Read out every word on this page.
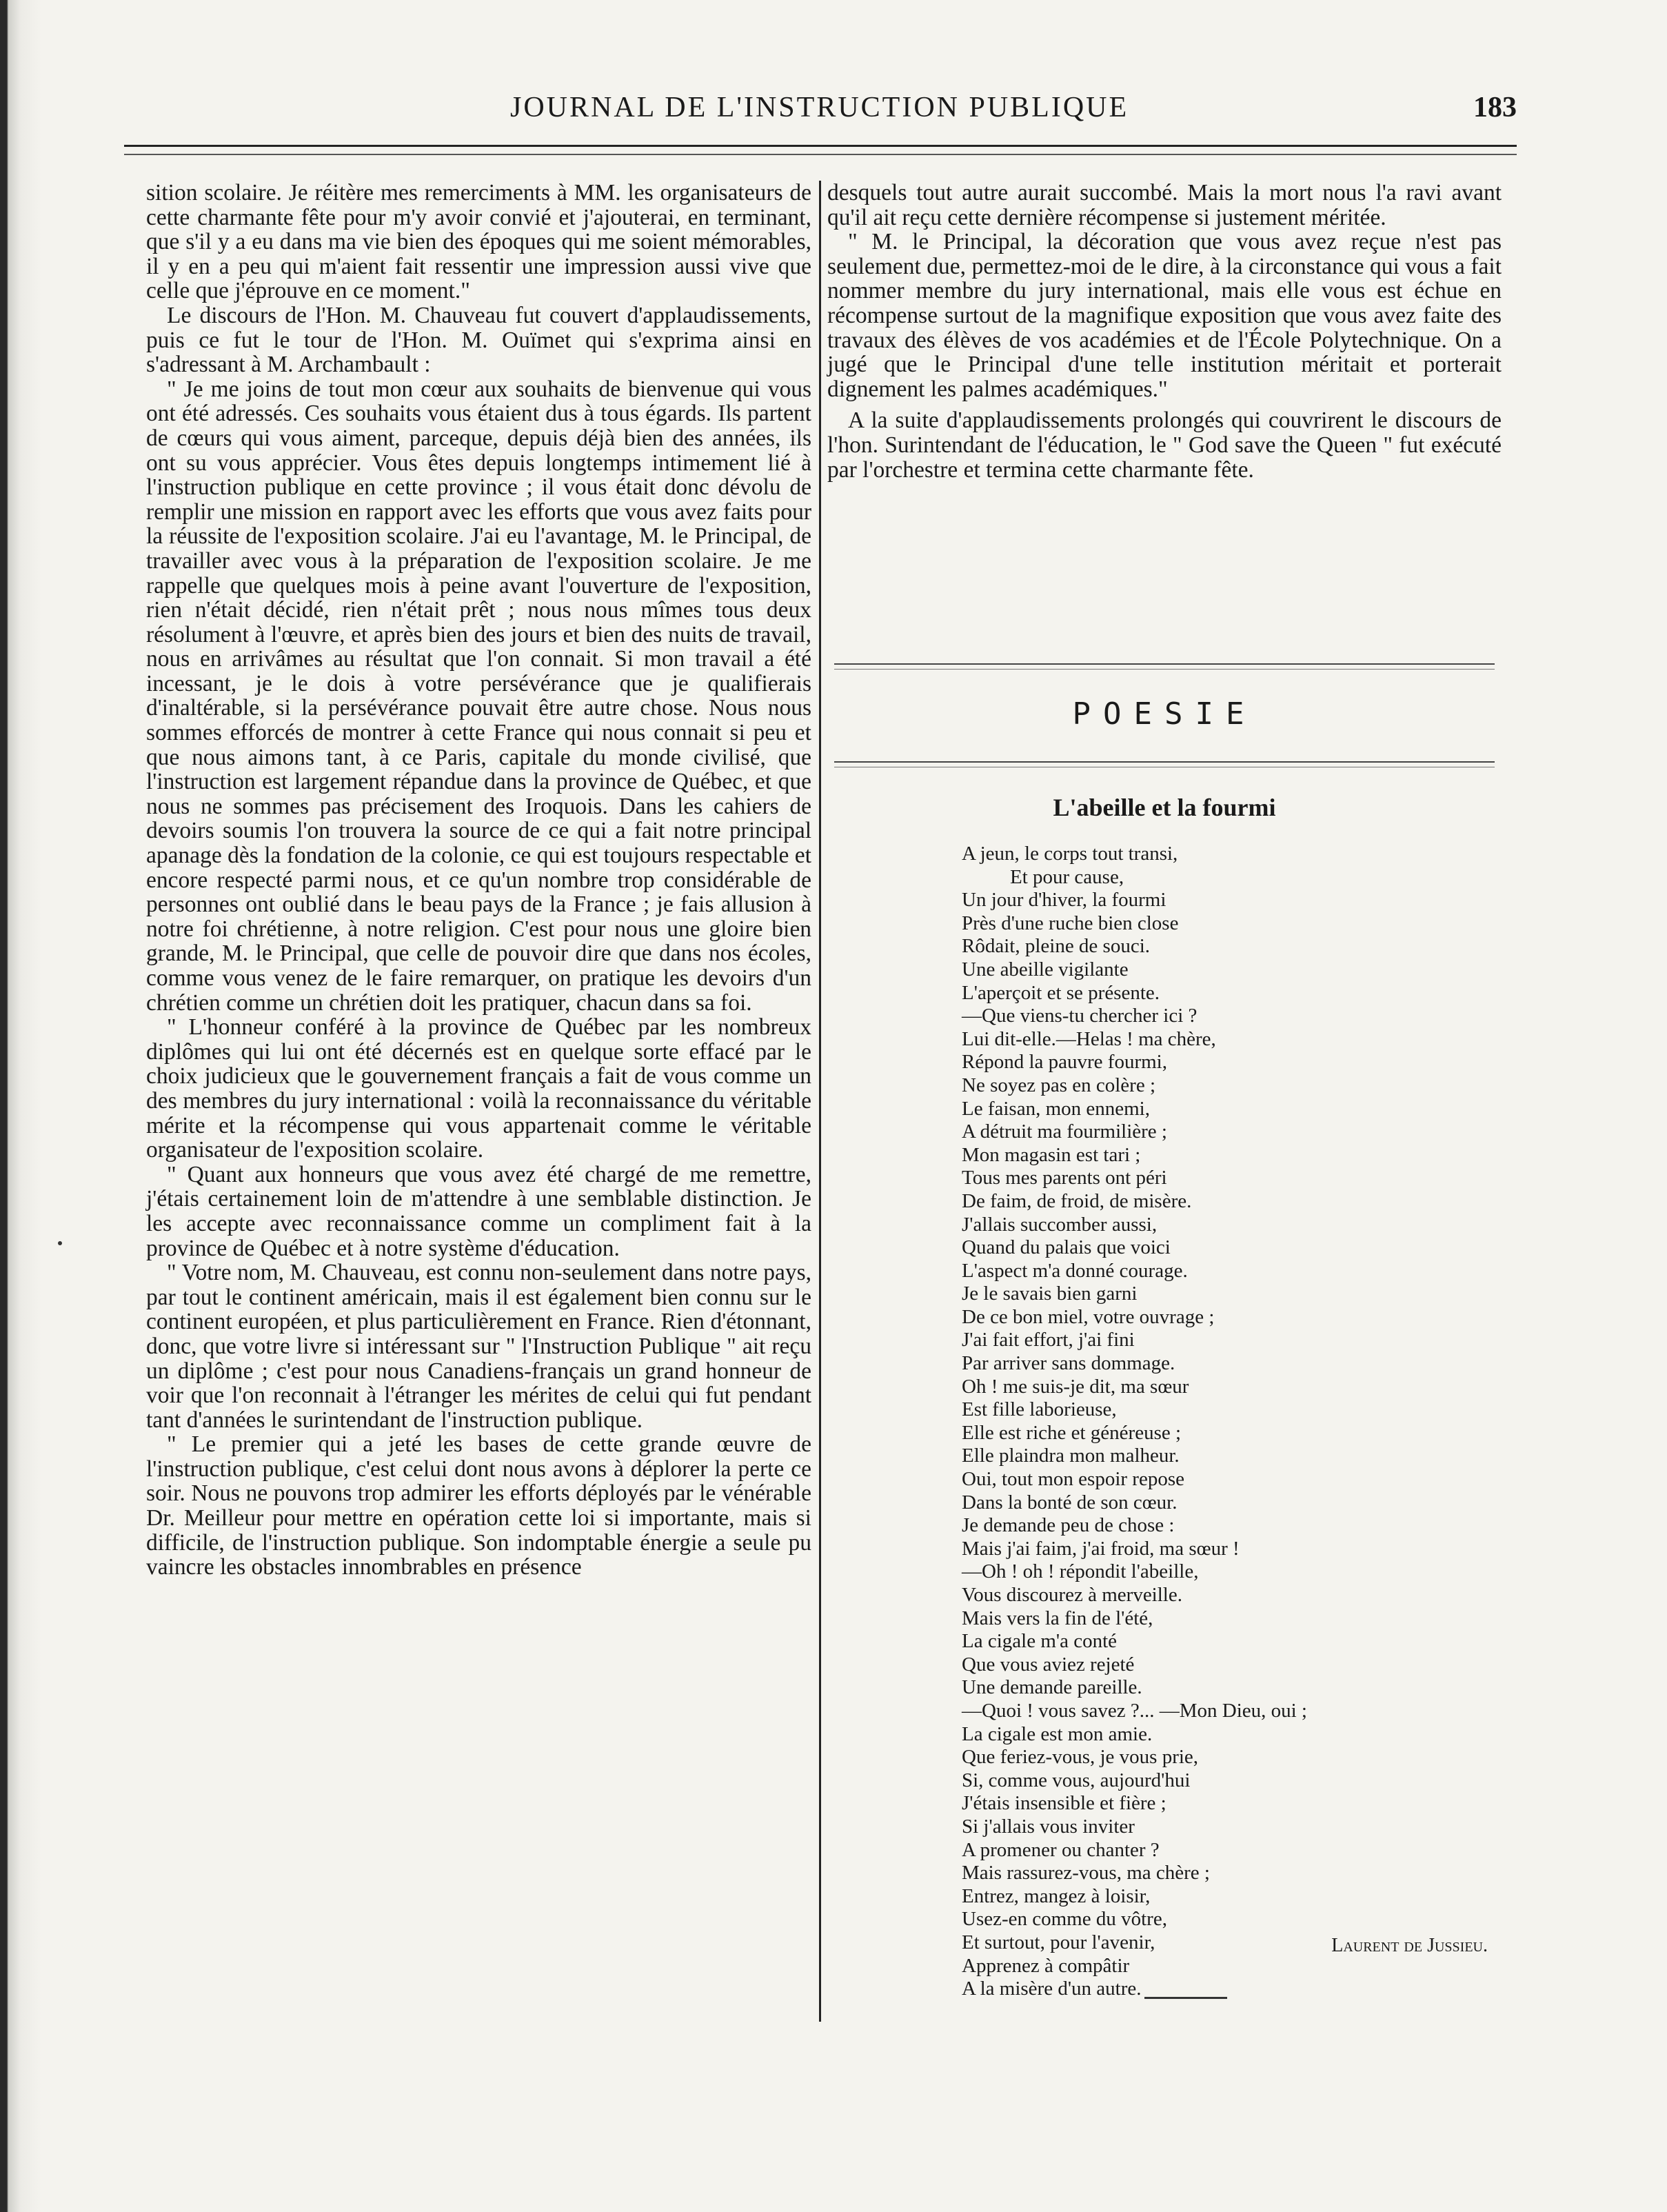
JOURNAL DE L'INSTRUCTION PUBLIQUE	183

sition scolaire. Je réitère mes remerciments à MM. les organisateurs de cette charmante fête pour m'y avoir convié et j'ajouterai, en terminant, que s'il y a eu dans ma vie bien des époques qui me soient mémorables, il y en a peu qui m'aient fait ressentir une impression aussi vive que celle que j'éprouve en ce moment."

Le discours de l'Hon. M. Chauveau fut couvert d'applaudissements, puis ce fut le tour de l'Hon. M. Ouïmet qui s'exprima ainsi en s'adressant à M. Archambault :

" Je me joins de tout mon cœur aux souhaits de bienvenue qui vous ont été adressés. Ces souhaits vous étaient dus à tous égards. Ils partent de cœurs qui vous aiment, parceque, depuis déjà bien des années, ils ont su vous apprécier. Vous êtes depuis longtemps intimement lié à l'instruction publique en cette province ; il vous était donc dévolu de remplir une mission en rapport avec les efforts que vous avez faits pour la réussite de l'exposition scolaire. J'ai eu l'avantage, M. le Principal, de travailler avec vous à la préparation de l'exposition scolaire. Je me rappelle que quelques mois à peine avant l'ouverture de l'exposition, rien n'était décidé, rien n'était prêt ; nous nous mîmes tous deux résolument à l'œuvre, et après bien des jours et bien des nuits de travail, nous en arrivâmes au résultat que l'on connait. Si mon travail a été incessant, je le dois à votre persévérance que je qualifierais d'inaltérable, si la persévérance pouvait être autre chose. Nous nous sommes efforcés de montrer à cette France qui nous connait si peu et que nous aimons tant, à ce Paris, capitale du monde civilisé, que l'instruction est largement répandue dans la province de Québec, et que nous ne sommes pas précisement des Iroquois. Dans les cahiers de devoirs soumis l'on trouvera la source de ce qui a fait notre principal apanage dès la fondation de la colonie, ce qui est toujours respectable et encore respecté parmi nous, et ce qu'un nombre trop considérable de personnes ont oublié dans le beau pays de la France ; je fais allusion à notre foi chrétienne, à notre religion. C'est pour nous une gloire bien grande, M. le Principal, que celle de pouvoir dire que dans nos écoles, comme vous venez de le faire remarquer, on pratique les devoirs d'un chrétien comme un chrétien doit les pratiquer, chacun dans sa foi.

" L'honneur conféré à la province de Québec par les nombreux diplômes qui lui ont été décernés est en quelque sorte effacé par le choix judicieux que le gouvernement français a fait de vous comme un des membres du jury international : voilà la reconnaissance du véritable mérite et la récompense qui vous appartenait comme le véritable organisateur de l'exposition scolaire.

" Quant aux honneurs que vous avez été chargé de me remettre, j'étais certainement loin de m'attendre à une semblable distinction. Je les accepte avec reconnaissance comme un compliment fait à la province de Québec et à notre système d'éducation.

" Votre nom, M. Chauveau, est connu non-seulement dans notre pays, par tout le continent américain, mais il est également bien connu sur le continent européen, et plus particulièrement en France. Rien d'étonnant, donc, que votre livre si intéressant sur " l'Instruction Publique " ait reçu un diplôme ; c'est pour nous Canadiens-français un grand honneur de voir que l'on reconnait à l'étranger les mérites de celui qui fut pendant tant d'années le surintendant de l'instruction publique.

" Le premier qui a jeté les bases de cette grande œuvre de l'instruction publique, c'est celui dont nous avons à déplorer la perte ce soir. Nous ne pouvons trop admirer les efforts déployés par le vénérable Dr. Meilleur pour mettre en opération cette loi si importante, mais si difficile, de l'instruction publique. Son indomptable énergie a seule pu vaincre les obstacles innombrables en présence

desquels tout autre aurait succombé. Mais la mort nous l'a ravi avant qu'il ait reçu cette dernière récompense si justement méritée.

" M. le Principal, la décoration que vous avez reçue n'est pas seulement due, permettez-moi de le dire, à la circonstance qui vous a fait nommer membre du jury international, mais elle vous est échue en récompense surtout de la magnifique exposition que vous avez faite des travaux des élèves de vos académies et de l'École Polytechnique. On a jugé que le Principal d'une telle institution méritait et porterait dignement les palmes académiques."

A la suite d'applaudissements prolongés qui couvrirent le discours de l'hon. Surintendant de l'éducation, le " God save the Queen " fut exécuté par l'orchestre et termina cette charmante fête.

POESIE
L'abeille et la fourmi
A jeun, le corps tout transi,
Et pour cause,
Un jour d'hiver, la fourmi
Près d'une ruche bien close
Rôdait, pleine de souci.
Une abeille vigilante
L'aperçoit et se présente.
—Que viens-tu chercher ici ?
Lui dit-elle.—Helas ! ma chère,
Répond la pauvre fourmi,
Ne soyez pas en colère ;
Le faisan, mon ennemi,
A détruit ma fourmilière ;
Mon magasin est tari ;
Tous mes parents ont péri
De faim, de froid, de misère.
J'allais succomber aussi,
Quand du palais que voici
L'aspect m'a donné courage.
Je le savais bien garni
De ce bon miel, votre ouvrage ;
J'ai fait effort, j'ai fini
Par arriver sans dommage.
Oh ! me suis-je dit, ma sœur
Est fille laborieuse,
Elle est riche et généreuse ;
Elle plaindra mon malheur.
Oui, tout mon espoir repose
Dans la bonté de son cœur.
Je demande peu de chose :
Mais j'ai faim, j'ai froid, ma sœur !
—Oh ! oh ! répondit l'abeille,
Vous discourez à merveille.
Mais vers la fin de l'été,
La cigale m'a conté
Que vous aviez rejeté
Une demande pareille.
—Quoi ! vous savez ?... —Mon Dieu, oui ;
La cigale est mon amie.
Que feriez-vous, je vous prie,
Si, comme vous, aujourd'hui
J'étais insensible et fière ;
Si j'allais vous inviter
A promener ou chanter ?
Mais rassurez-vous, ma chère ;
Entrez, mangez à loisir,
Usez-en comme du vôtre,
Et surtout, pour l'avenir,
Apprenez à compâtir
A la misère d'un autre.
Laurent de Jussieu.
